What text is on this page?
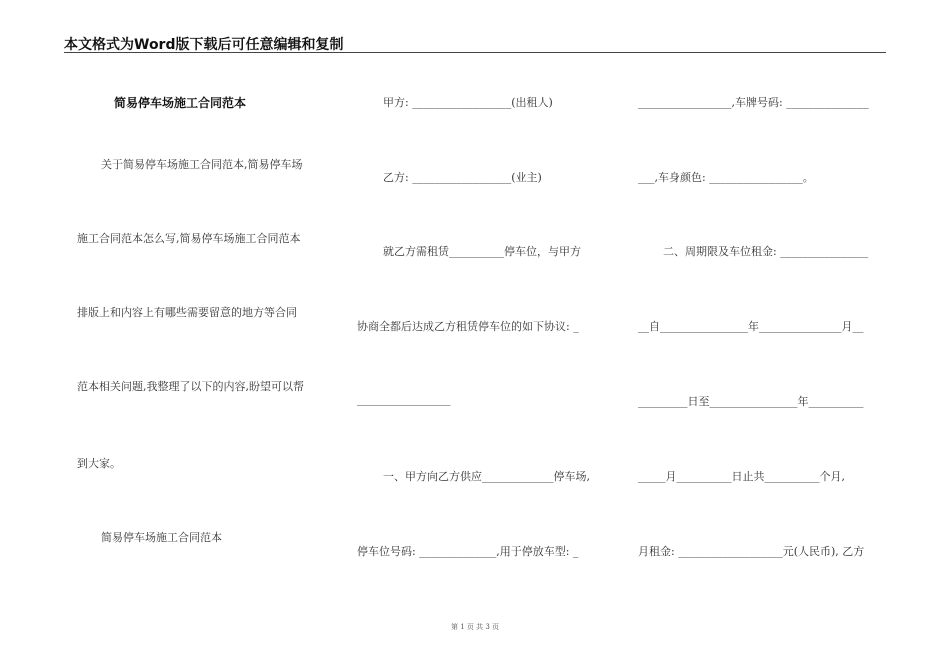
本文格式为Word版下载后可任意编辑和复制
简易停车场施工合同范本
关于简易停车场施工合同范本,简易停车场
施工合同范本怎么写,简易停车场施工合同范本
排版上和内容上有哪些需要留意的地方等合同
范本相关问题,我整理了以下的内容,盼望可以帮
到大家。
简易停车场施工合同范本
甲方: __________________(出租人)
乙方: __________________(业主)
就乙方需租赁__________停车位，与甲方
协商全都后达成乙方租赁停车位的如下协议: _
_________________
一、甲方向乙方供应_____________停车场,
停车位号码: ______________,用于停放车型: _
_________________,车牌号码: _______________
___,车身颜色: _________________。
二、周期限及车位租金: ________________
__自________________年_______________月__
_________日至________________年__________
_____月__________日止共__________个月,
月租金: ___________________元(人民币), 乙方
第 1 页 共 3 页
